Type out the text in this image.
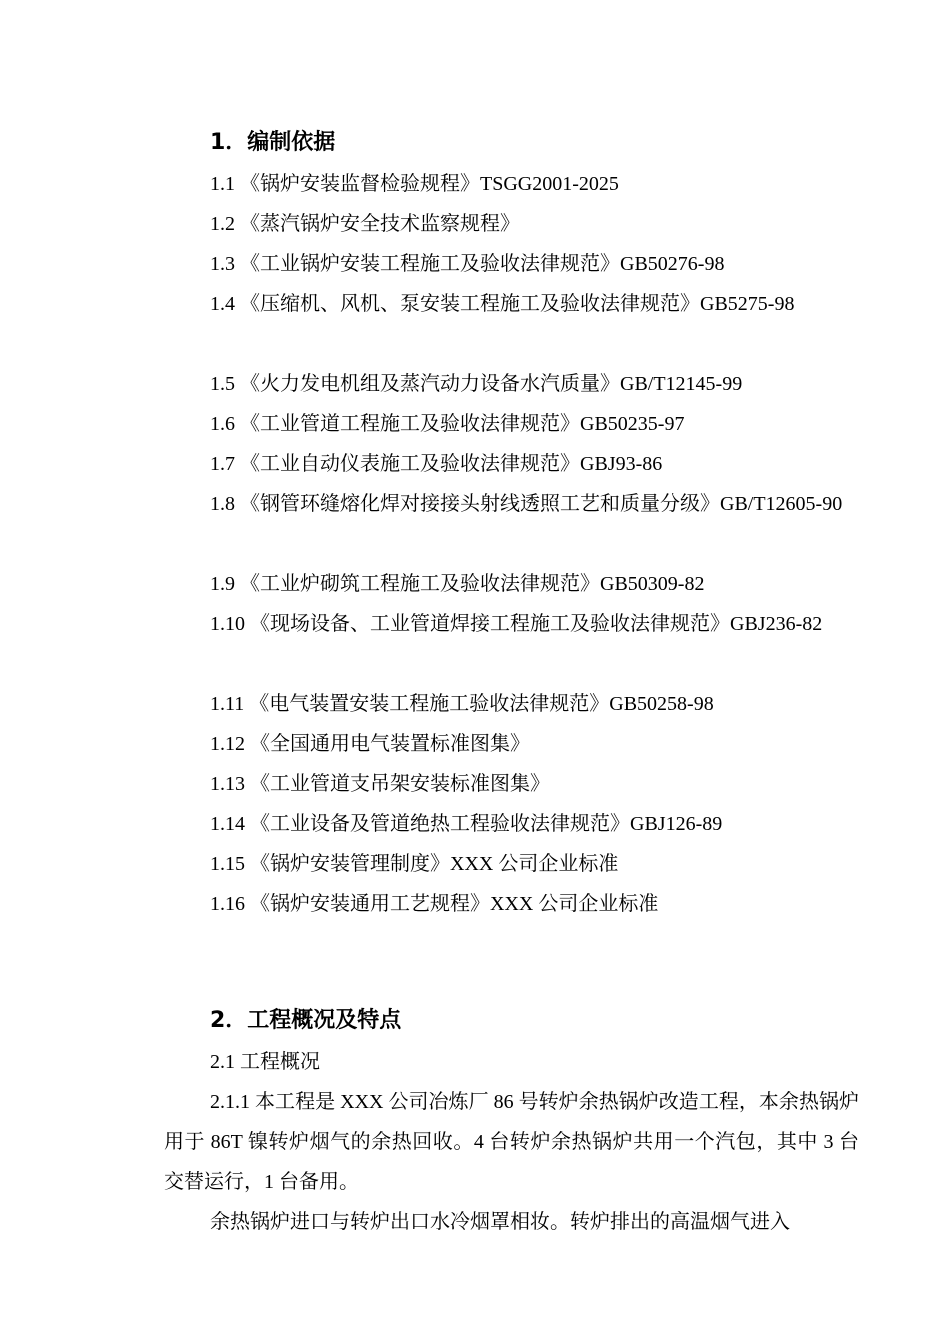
1．编制依据
1.1 《锅炉安装监督检验规程》TSGG2001-2025
1.2 《蒸汽锅炉安全技术监察规程》
1.3 《工业锅炉安装工程施工及验收法律规范》GB50276-98
1.4 《压缩机、风机、泵安装工程施工及验收法律规范》GB5275-98
1.5 《火力发电机组及蒸汽动力设备水汽质量》GB/T12145-99
1.6 《工业管道工程施工及验收法律规范》GB50235-97
1.7 《工业自动仪表施工及验收法律规范》GBJ93-86
1.8 《钢管环缝熔化焊对接接头射线透照工艺和质量分级》GB/T12605-90
1.9 《工业炉砌筑工程施工及验收法律规范》GB50309-82
1.10 《现场设备、工业管道焊接工程施工及验收法律规范》GBJ236-82
1.11 《电气装置安装工程施工验收法律规范》GB50258-98
1.12 《全国通用电气装置标准图集》
1.13 《工业管道支吊架安装标准图集》
1.14 《工业设备及管道绝热工程验收法律规范》GBJ126-89
1.15 《锅炉安装管理制度》XXX 公司企业标准
1.16 《锅炉安装通用工艺规程》XXX 公司企业标准
2．工程概况及特点
2.1 工程概况
2.1.1 本工程是 XXX 公司冶炼厂 86 号转炉余热锅炉改造工程，本余热锅炉用于 86T 镍转炉烟气的余热回收。4 台转炉余热锅炉共用一个汽包，其中 3 台交替运行，1 台备用。
余热锅炉进口与转炉出口水冷烟罩相妆。转炉排出的高温烟气进入
